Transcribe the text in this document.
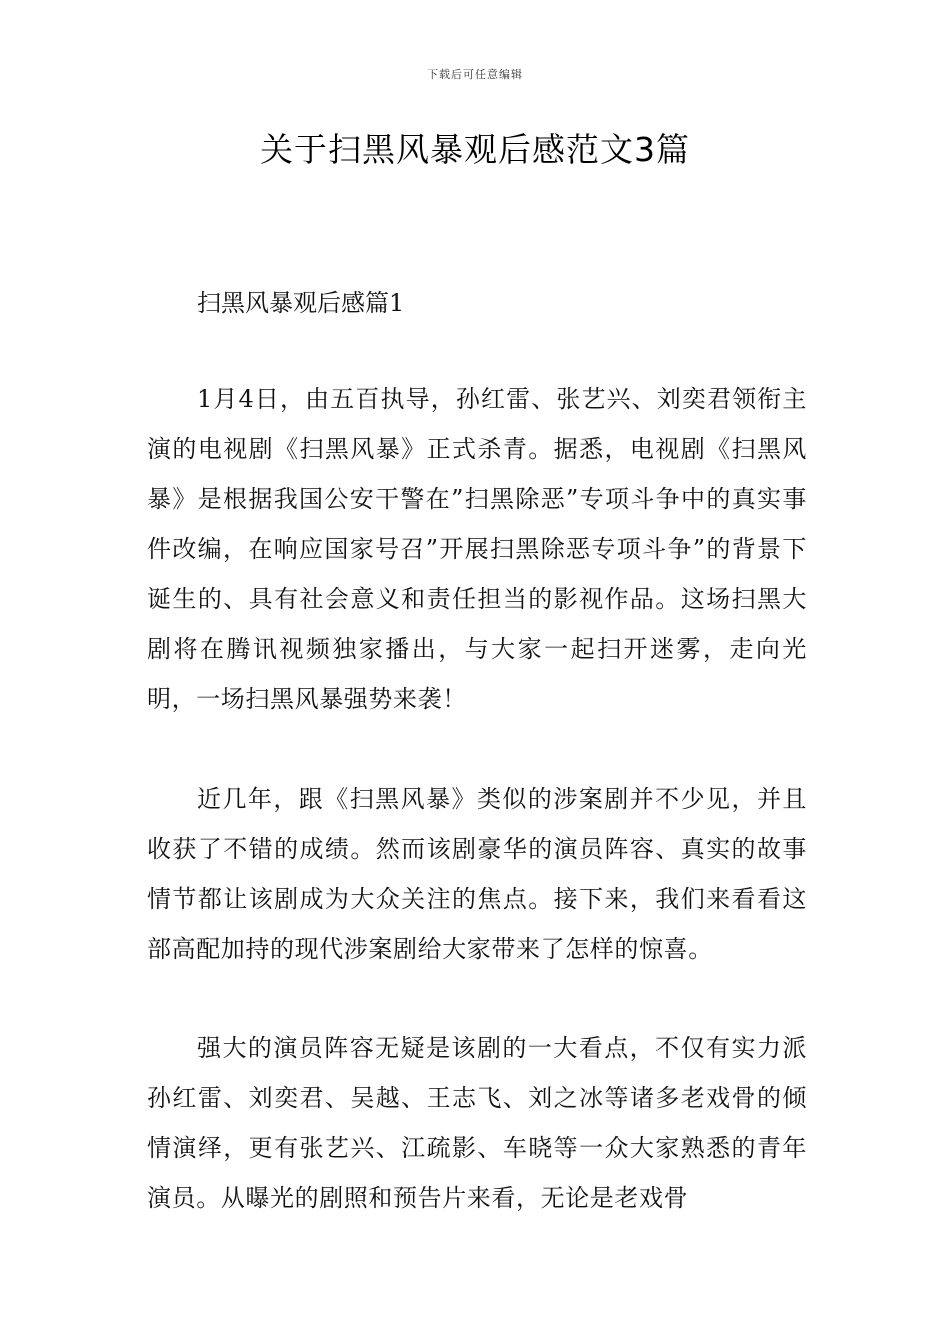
下载后可任意编辑
关于扫黑风暴观后感范文3篇
扫黑风暴观后感篇1

1月4日，由五百执导，孙红雷、张艺兴、刘奕君领衔主演的电视剧《扫黑风暴》正式杀青。据悉，电视剧《扫黑风暴》是根据我国公安干警在”扫黑除恶”专项斗争中的真实事件改编，在响应国家号召”开展扫黑除恶专项斗争”的背景下诞生的、具有社会意义和责任担当的影视作品。这场扫黑大剧将在腾讯视频独家播出，与大家一起扫开迷雾，走向光明，一场扫黑风暴强势来袭！

近几年，跟《扫黑风暴》类似的涉案剧并不少见，并且收获了不错的成绩。然而该剧豪华的演员阵容、真实的故事情节都让该剧成为大众关注的焦点。接下来，我们来看看这部高配加持的现代涉案剧给大家带来了怎样的惊喜。

强大的演员阵容无疑是该剧的一大看点，不仅有实力派孙红雷、刘奕君、吴越、王志飞、刘之冰等诸多老戏骨的倾情演绎，更有张艺兴、江疏影、车晓等一众大家熟悉的青年演员。从曝光的剧照和预告片来看，无论是老戏骨
